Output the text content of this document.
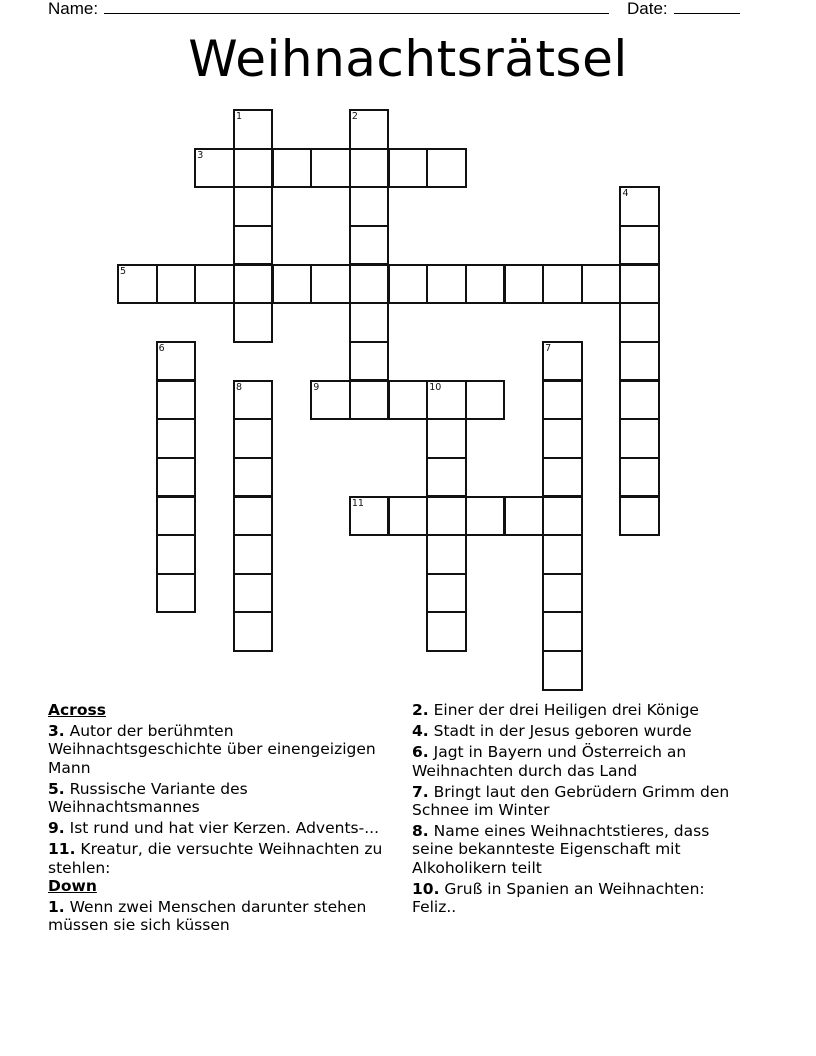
Name:	Date:
Weihnachtsrätsel
1	2
3
4
5
6	7
8	9	10
11
Across
3. Autor der berühmten Weihnachtsgeschichte über einengeizigen Mann
5. Russische Variante des Weihnachtsmannes
9. Ist rund und hat vier Kerzen. Advents-...
11. Kreatur, die versuchte Weihnachten zu stehlen:
Down
1. Wenn zwei Menschen darunter stehen müssen sie sich küssen
2. Einer der drei Heiligen drei Könige
4. Stadt in der Jesus geboren wurde
6. Jagt in Bayern und Österreich an Weihnachten durch das Land
7. Bringt laut den Gebrüdern Grimm den Schnee im Winter
8. Name eines Weihnachtstieres, dass seine bekannteste Eigenschaft mit Alkoholikern teilt
10. Gruß in Spanien an Weihnachten: Feliz..
